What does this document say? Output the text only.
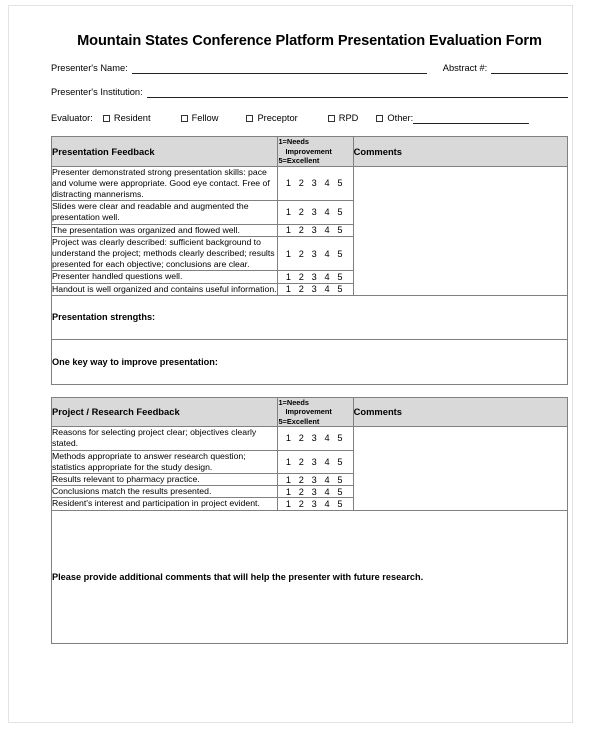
Mountain States Conference Platform Presentation Evaluation Form
Presenter's Name:	Abstract #:
Presenter's Institution:
Evaluator: Resident	Fellow	Preceptor	RPD	Other:
Presentation Feedback	1=Needs
Improvement
5=Excellent	Comments
Presenter demonstrated strong presentation skills: pace and volume were appropriate. Good eye contact. Free of distracting mannerisms.	1 2 3 4 5	
Slides were clear and readable and augmented the presentation well.	1 2 3 4 5	
The presentation was organized and flowed well.	1 2 3 4 5	
Project was clearly described: sufficient background to understand the project; methods clearly described; results presented for each objective; conclusions are clear.	1 2 3 4 5	
Presenter handled questions well.	1 2 3 4 5	
Handout is well organized and contains useful information.	1 2 3 4 5	
Presentation strengths:		
One key way to improve presentation:		
Project / Research Feedback	1=Needs
Improvement
5=Excellent	Comments
Reasons for selecting project clear; objectives clearly stated.	1 2 3 4 5	
Methods appropriate to answer research question; statistics appropriate for the study design.	1 2 3 4 5	
Results relevant to pharmacy practice.	1 2 3 4 5	
Conclusions match the results presented.	1 2 3 4 5	
Resident's interest and participation in project evident.	1 2 3 4 5	
Please provide additional comments that will help the presenter with future research.		
